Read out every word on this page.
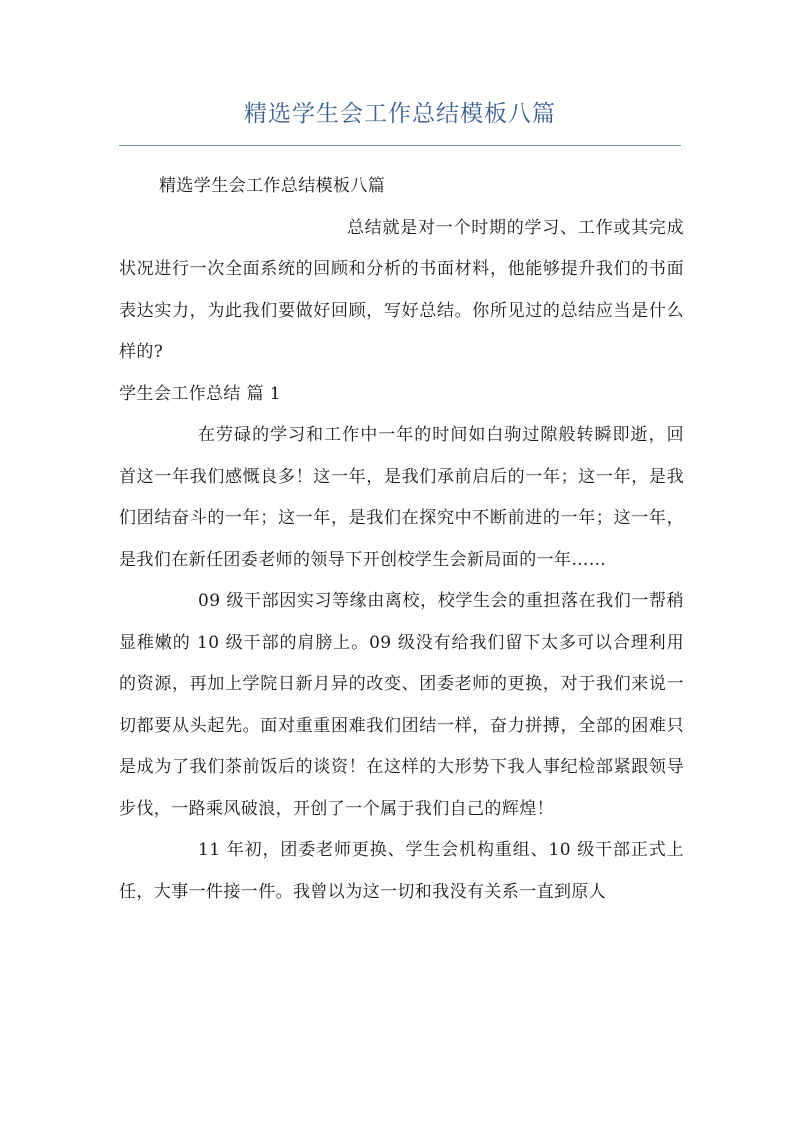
精选学生会工作总结模板八篇

精选学生会工作总结模板八篇

总结就是对一个时期的学习、工作或其完成状况进行一次全面系统的回顾和分析的书面材料，他能够提升我们的书面表达实力，为此我们要做好回顾，写好总结。你所见过的总结应当是什么样的?

学生会工作总结 篇 1

在劳碌的学习和工作中一年的时间如白驹过隙般转瞬即逝，回首这一年我们感慨良多！这一年，是我们承前启后的一年；这一年，是我们团结奋斗的一年；这一年，是我们在探究中不断前进的一年；这一年，是我们在新任团委老师的领导下开创校学生会新局面的一年……

09 级干部因实习等缘由离校，校学生会的重担落在我们一帮稍显稚嫩的 10 级干部的肩膀上。09 级没有给我们留下太多可以合理利用的资源，再加上学院日新月异的改变、团委老师的更换，对于我们来说一切都要从头起先。面对重重困难我们团结一样，奋力拼搏，全部的困难只是成为了我们茶前饭后的谈资！在这样的大形势下我人事纪检部紧跟领导步伐，一路乘风破浪，开创了一个属于我们自己的辉煌！

11 年初，团委老师更换、学生会机构重组、10 级干部正式上任，大事一件接一件。我曾以为这一切和我没有关系一直到原人
